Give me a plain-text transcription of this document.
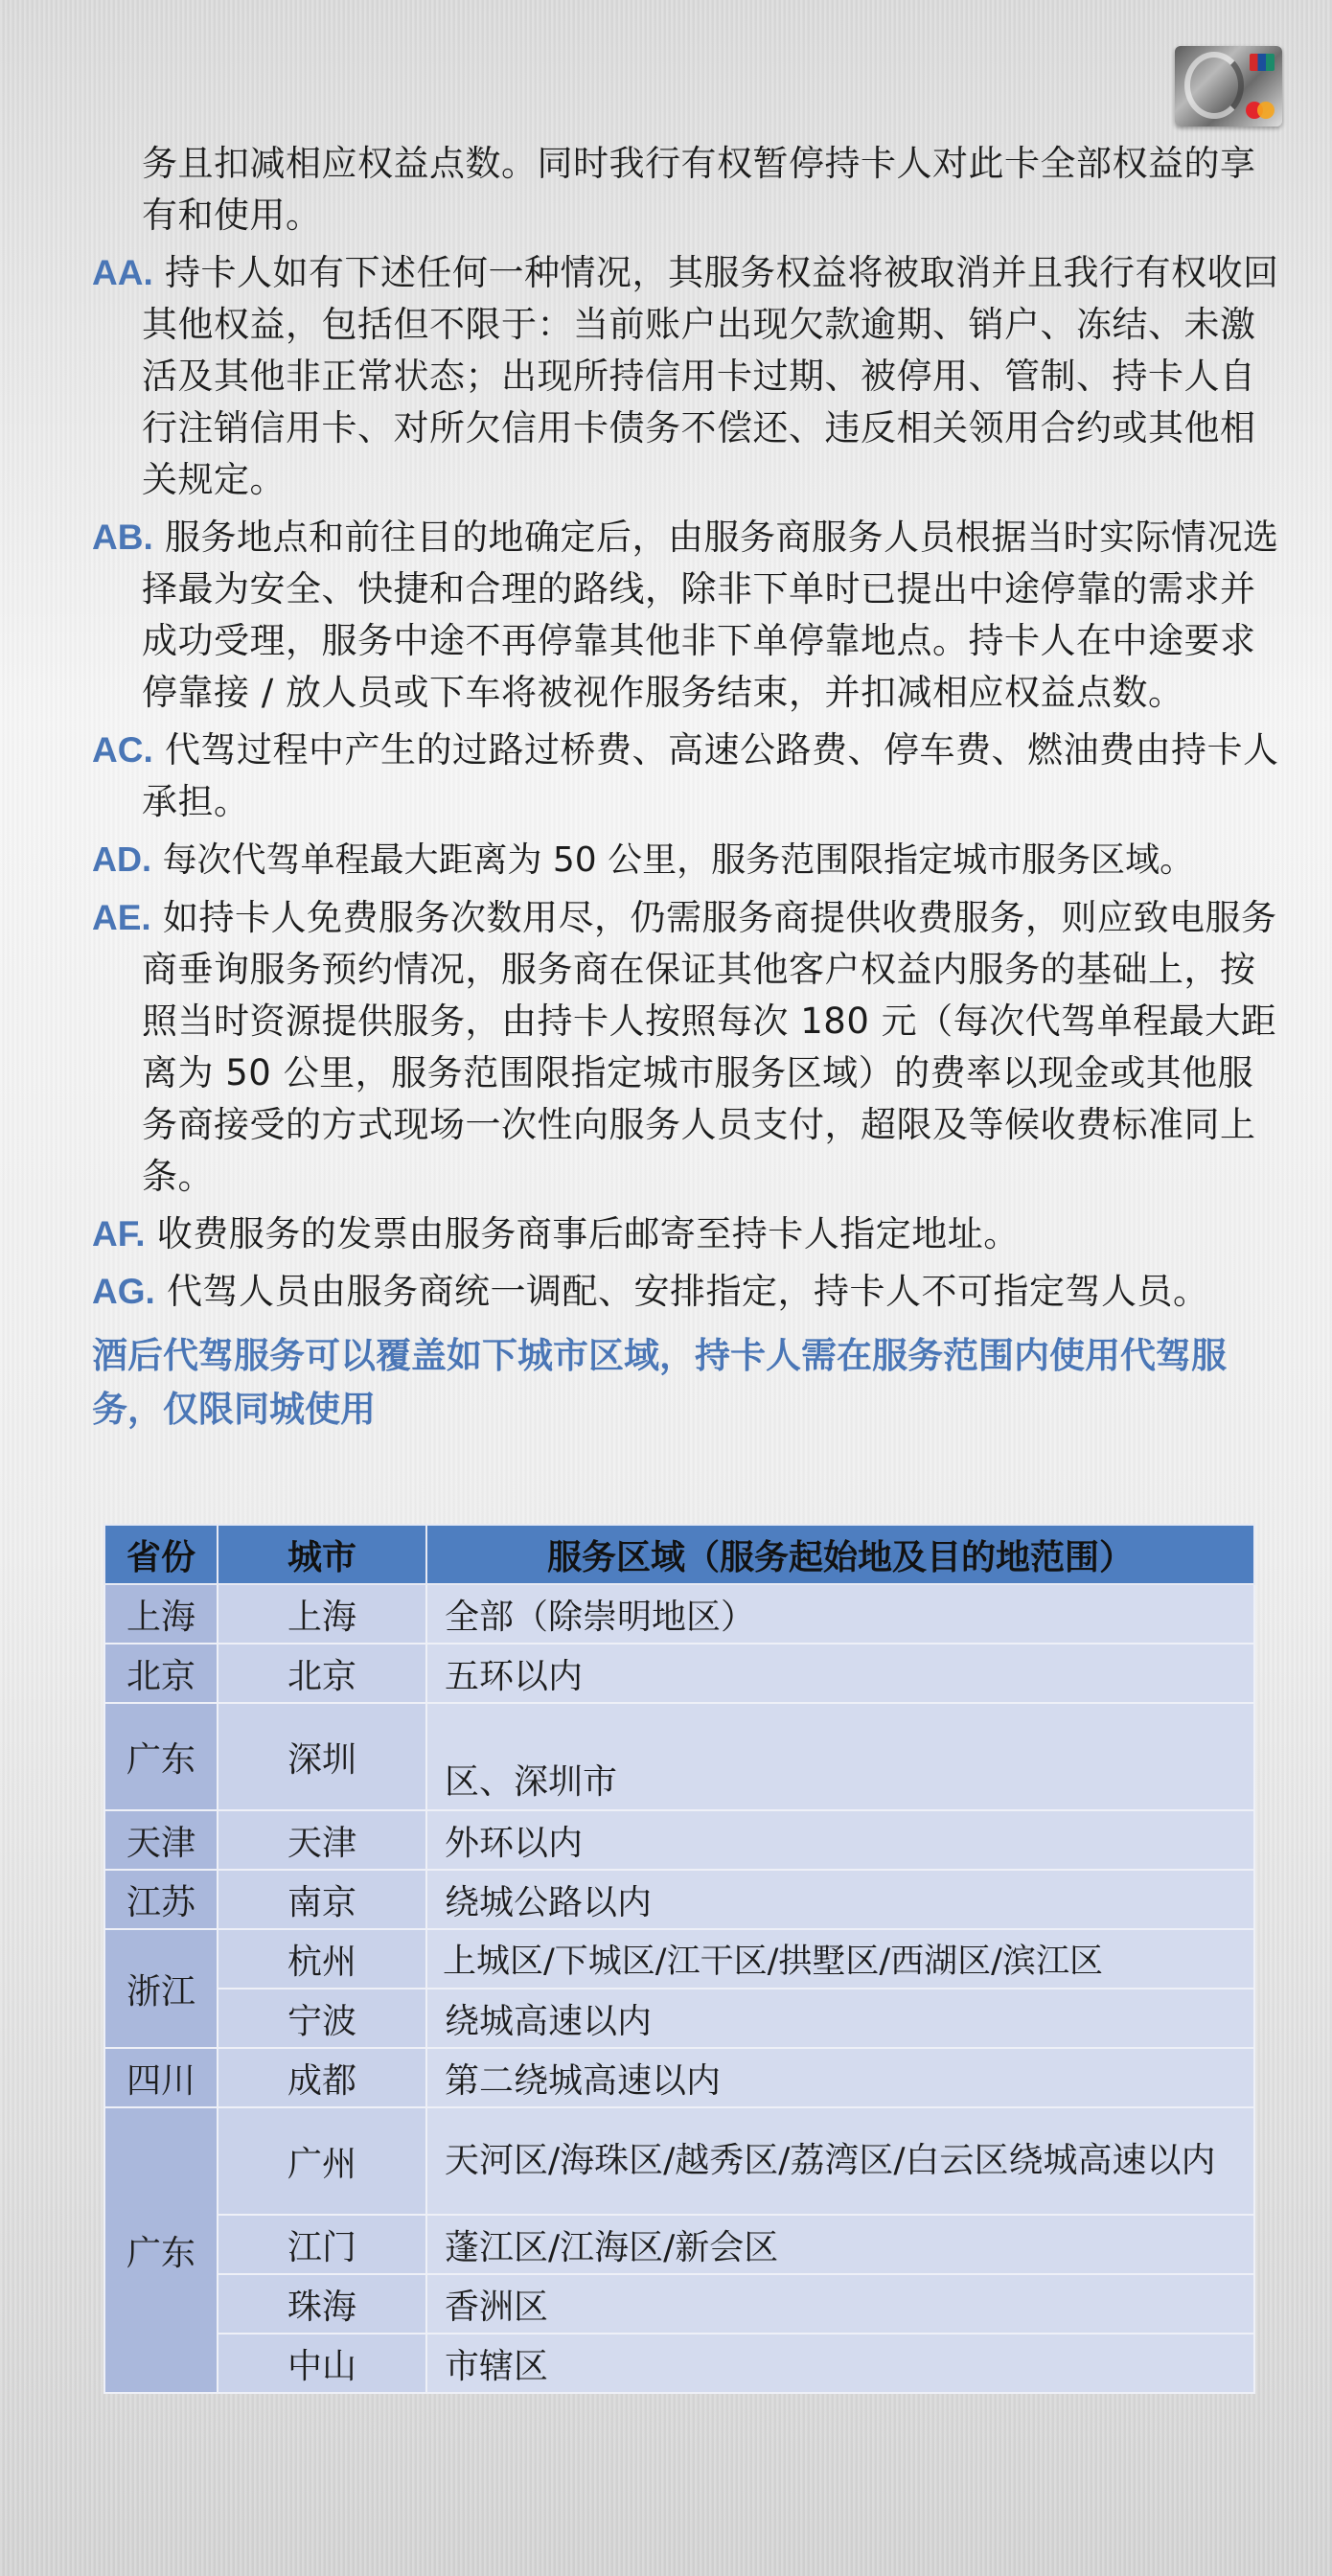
务且扣减相应权益点数。同时我行有权暂停持卡人对此卡全部权益的享有和使用。

AA. 持卡人如有下述任何一种情况，其服务权益将被取消并且我行有权收回其他权益，包括但不限于：当前账户出现欠款逾期、销户、冻结、未激活及其他非正常状态；出现所持信用卡过期、被停用、管制、持卡人自行注销信用卡、对所欠信用卡债务不偿还、违反相关领用合约或其他相关规定。

AB. 服务地点和前往目的地确定后，由服务商服务人员根据当时实际情况选择最为安全、快捷和合理的路线，除非下单时已提出中途停靠的需求并成功受理，服务中途不再停靠其他非下单停靠地点。持卡人在中途要求停靠接 / 放人员或下车将被视作服务结束，并扣减相应权益点数。

AC. 代驾过程中产生的过路过桥费、高速公路费、停车费、燃油费由持卡人承担。

AD. 每次代驾单程最大距离为 50 公里，服务范围限指定城市服务区域。

AE. 如持卡人免费服务次数用尽，仍需服务商提供收费服务，则应致电服务商垂询服务预约情况，服务商在保证其他客户权益内服务的基础上，按照当时资源提供服务，由持卡人按照每次 180 元（每次代驾单程最大距离为 50 公里，服务范围限指定城市服务区域）的费率以现金或其他服务商接受的方式现场一次性向服务人员支付，超限及等候收费标准同上条。

AF. 收费服务的发票由服务商事后邮寄至持卡人指定地址。

AG. 代驾人员由服务商统一调配、安排指定，持卡人不可指定驾人员。

酒后代驾服务可以覆盖如下城市区域，持卡人需在服务范围内使用代驾服务，仅限同城使用

省份	城市	服务区域（服务起始地及目的地范围）
上海	上海	全部（除崇明地区）
北京	北京	五环以内
广东	深圳	区、深圳市
天津	天津	外环以内
江苏	南京	绕城公路以内
浙江	杭州	上城区/下城区/江干区/拱墅区/西湖区/滨江区
	宁波	绕城高速以内
四川	成都	第二绕城高速以内
广东	广州	天河区/海珠区/越秀区/荔湾区/白云区绕城高速以内
	江门	蓬江区/江海区/新会区
	珠海	香洲区
	中山	市辖区
